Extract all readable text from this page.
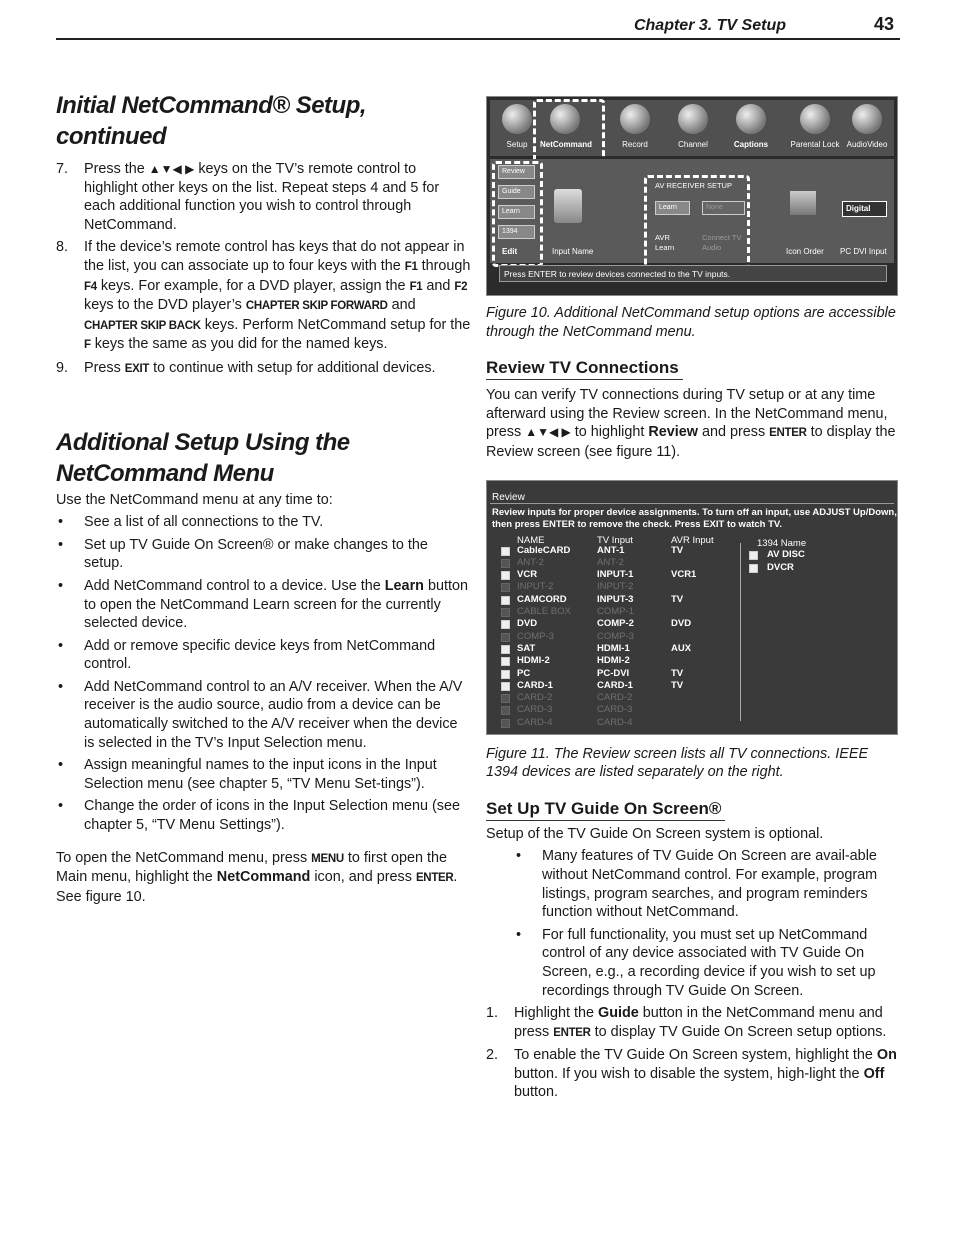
Chapter 3. TV Setup	43
Initial NetCommand® Setup,
continued
7. Press the ▲▼◀ ▶ keys on the TV’s remote control to highlight other keys on the list. Repeat steps 4 and 5 for each additional function you wish to control through NetCommand.
8. If the device’s remote control has keys that do not appear in the list, you can associate up to four keys with the F1 through F4 keys. For example, for a DVD player, assign the F1 and F2 keys to the DVD player’s CHAPTER SKIP FORWARD and CHAPTER SKIP BACK keys. Perform NetCommand setup for the F keys the same as you did for the named keys.
9. Press EXIT to continue with setup for additional devices.
Additional Setup Using the
NetCommand Menu

Use the NetCommand menu at any time to:

• See a list of all connections to the TV.
• Set up TV Guide On Screen® or make changes to the setup.
• Add NetCommand control to a device. Use the Learn button to open the NetCommand Learn screen for the currently selected device.
• Add or remove specific device keys from NetCommand control.
• Add NetCommand control to an A/V receiver. When the A/V receiver is the audio source, audio from a device can be automatically switched to the A/V receiver when the device is selected in the TV’s Input Selection menu.
• Assign meaningful names to the input icons in the Input Selection menu (see chapter 5, “TV Menu Set-tings”).
• Change the order of icons in the Input Selection menu (see chapter 5, “TV Menu Settings”).

To open the NetCommand menu, press MENU to first open the Main menu, highlight the NetCommand icon, and press ENTER. See figure 10.

Setup	NetCommand	Record	Channel	Captions	Parental Lock AudioVideo
Review
Guide
Learn
1394
Edit	Input Name
AV RECEIVER SETUP
Learn	None
AVR Learn
Connect TV Audio	Icon Order
Digital
PC DVI Input
Press ENTER to review devices connected to the TV inputs.

Figure 10. Additional NetCommand setup options are accessible through the NetCommand menu.

Review TV Connections

You can verify TV connections during TV setup or at any time afterward using the Review screen. In the NetCommand menu, press ▲▼◀ ▶ to highlight Review and press ENTER to display the Review screen (see figure 11).

Review
Review inputs for proper device assignments. To turn off an input, use ADJUST Up/Down, then press ENTER to remove the check. Press EXIT to watch TV.
NAME	TV Input	AVR Input	1394 Name
CableCARD	ANT-1	TV
ANT-2	ANT-2
VCR	INPUT-1	VCR1
INPUT-2	INPUT-2
CAMCORD	INPUT-3	TV
CABLE BOX	COMP-1
DVD	COMP-2	DVD
COMP-3	COMP-3
SAT	HDMI-1	AUX
HDMI-2	HDMI-2
PC	PC-DVI	TV
CARD-1	CARD-1	TV
CARD-2	CARD-2
CARD-3	CARD-3
CARD-4	CARD-4
AV DISC
DVCR

Figure 11. The Review screen lists all TV connections. IEEE 1394 devices are listed separately on the right.

Set Up TV Guide On Screen®

Setup of the TV Guide On Screen system is optional.

• Many features of TV Guide On Screen are avail-able without NetCommand control. For example, program listings, program searches, and program reminders function without NetCommand.
• For full functionality, you must set up NetCommand control of any device associated with TV Guide On Screen, e.g., a recording device if you wish to set up recordings through TV Guide On Screen.
1. Highlight the Guide button in the NetCommand menu and press ENTER to display TV Guide On Screen setup options.
2. To enable the TV Guide On Screen system, highlight the On button. If you wish to disable the system, high-light the Off button.
